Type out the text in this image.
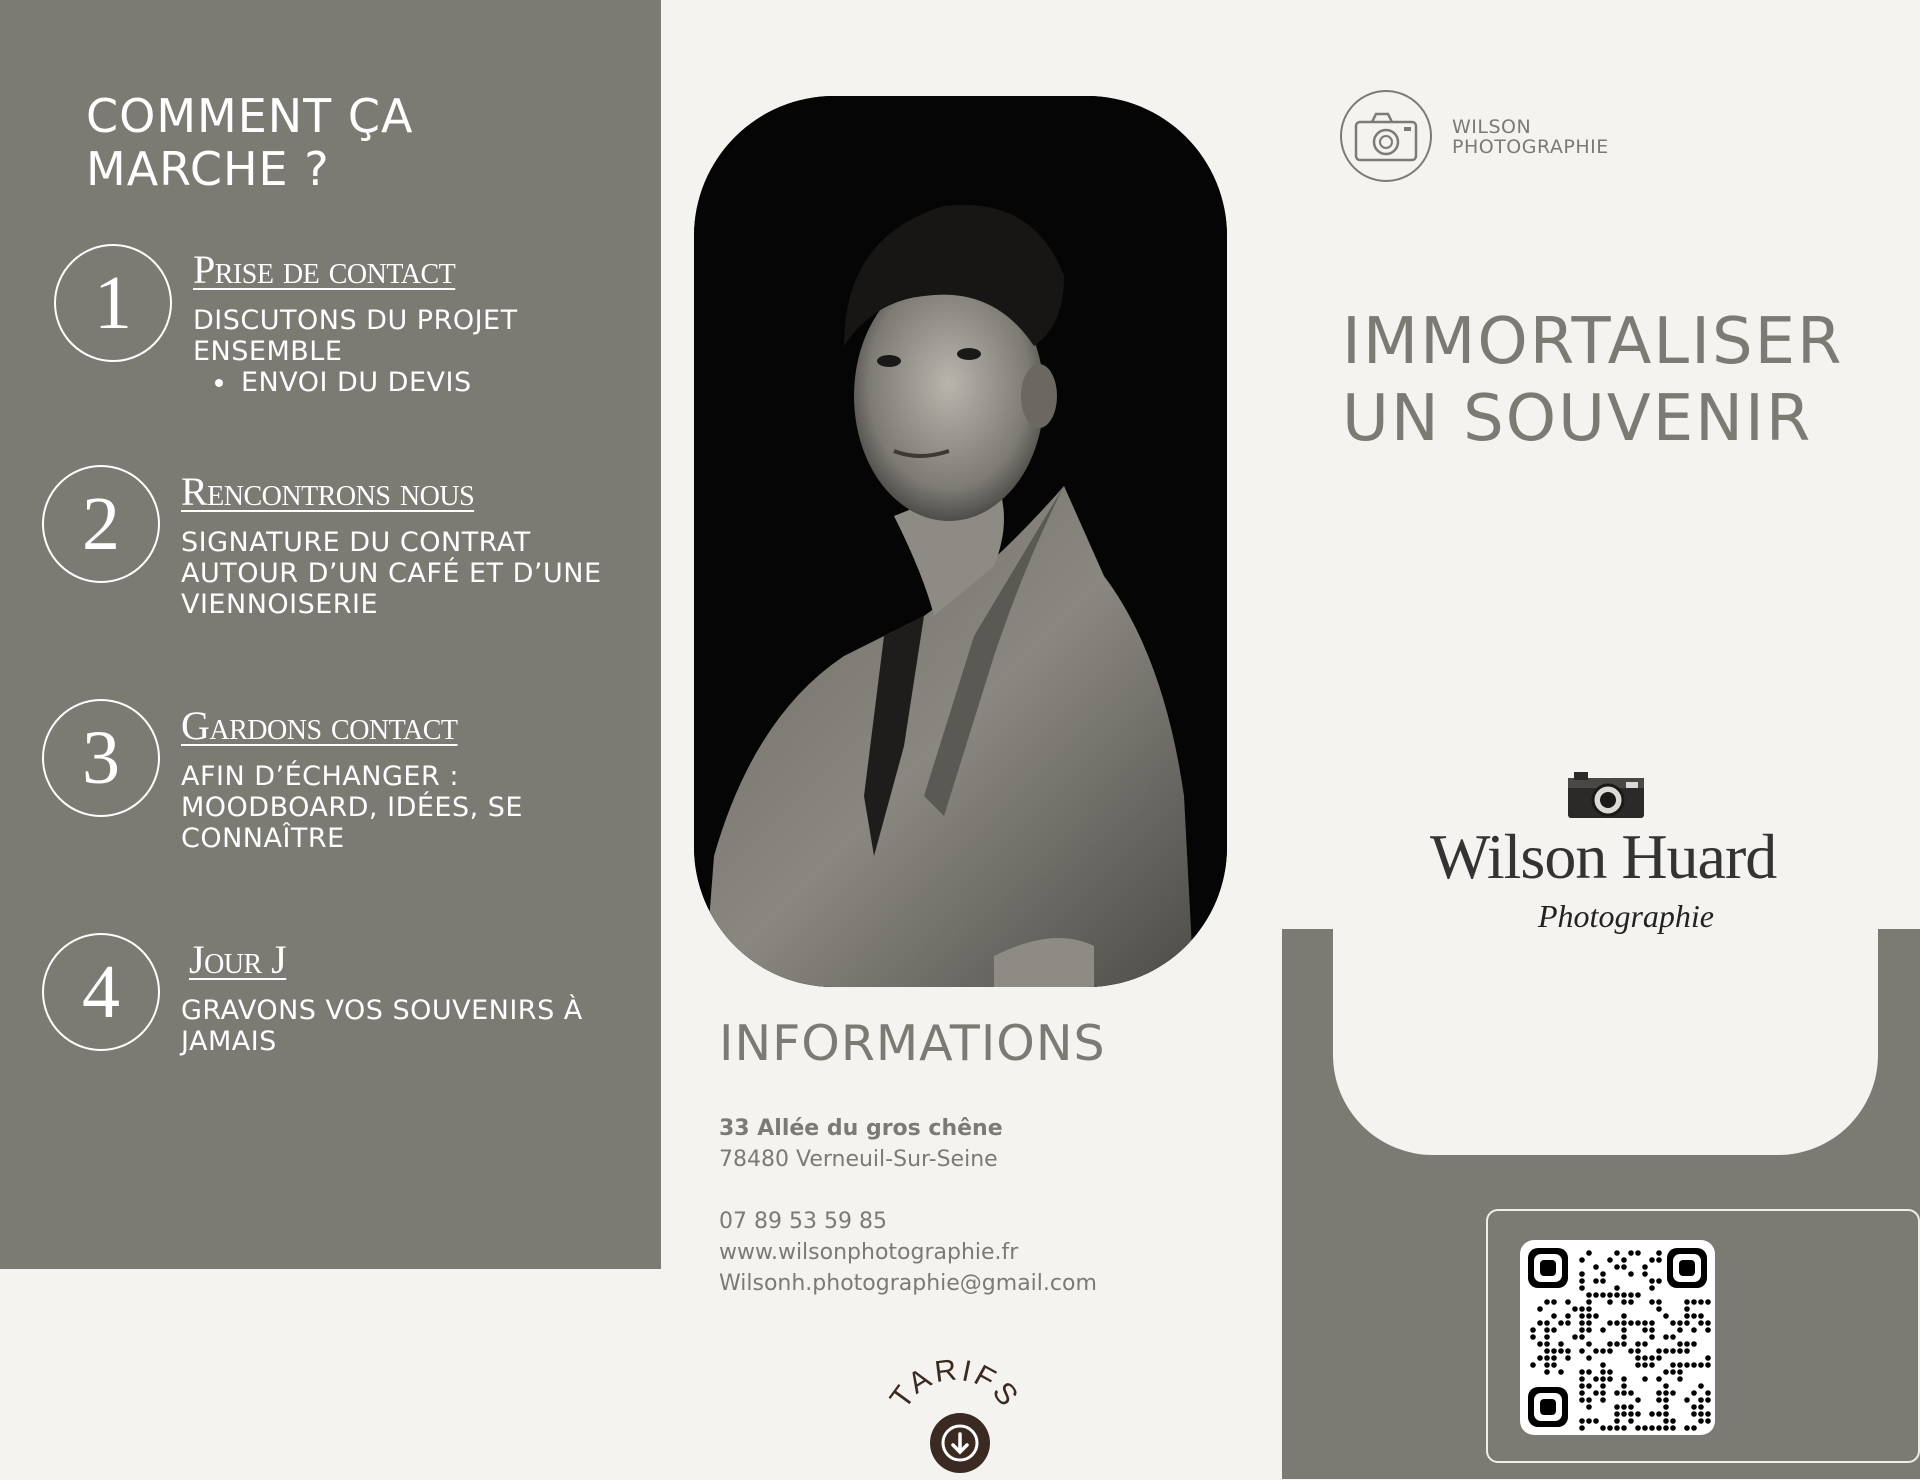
COMMENT ÇA
MARCHE ?
1 Prise de contact
DISCUTONS DU PROJET
ENSEMBLE
ENVOI DU DEVIS
2 Rencontrons nous
SIGNATURE DU CONTRAT
AUTOUR D’UN CAFÉ ET D’UNE
VIENNOISERIE
3 Gardons contact
AFIN D’ÉCHANGER :
MOODBOARD, IDÉES, SE
CONNAÎTRE
4 Jour J
GRAVONS VOS SOUVENIRS À
JAMAIS	INFORMATIONS
33 Allée du gros chêne
78480 Verneuil-Sur-Seine
07 89 53 59 85
www.wilsonphotographie.fr
Wilsonh.photographie@gmail.com
TARIFS
WILSON
PHOTOGRAPHIE
IMMORTALISER
UN SOUVENIR
Wilson Huard
Photographie
